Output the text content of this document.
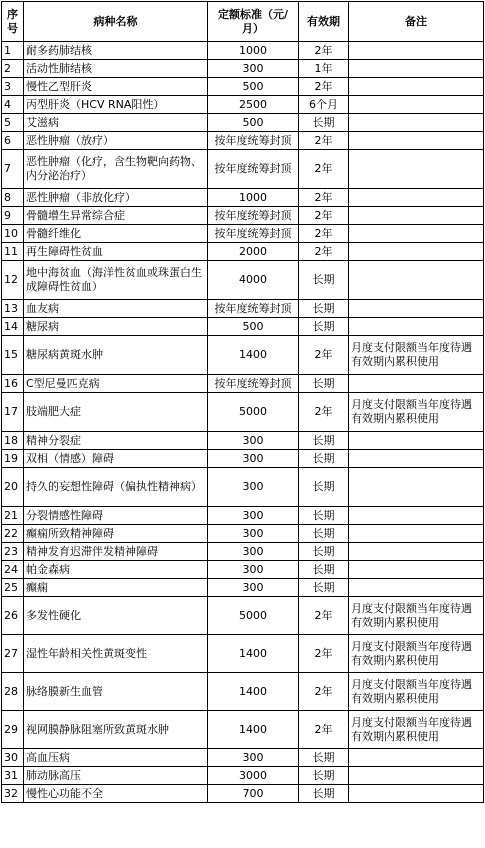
序号	病种名称	定额标准（元/月）	有效期	备注
1	耐多药肺结核	1000	2年	
2	活动性肺结核	300	1年	
3	慢性乙型肝炎	500	2年	
4	丙型肝炎（HCV RNA阳性）	2500	6个月	
5	艾滋病	500	长期	
6	恶性肿瘤（放疗）	按年度统筹封顶	2年	
7	恶性肿瘤（化疗，含生物靶向药物、内分泌治疗）	按年度统筹封顶	2年	
8	恶性肿瘤（非放化疗）	1000	2年	
9	骨髓增生异常综合症	按年度统筹封顶	2年	
10	骨髓纤维化	按年度统筹封顶	2年	
11	再生障碍性贫血	2000	2年	
12	地中海贫血（海洋性贫血或珠蛋白生成障碍性贫血）	4000	长期	
13	血友病	按年度统筹封顶	长期	
14	糖尿病	500	长期	
15	糖尿病黄斑水肿	1400	2年	月度支付限额当年度待遇有效期内累积使用
16	C型尼曼匹克病	按年度统筹封顶	长期	
17	肢端肥大症	5000	2年	月度支付限额当年度待遇有效期内累积使用
18	精神分裂症	300	长期	
19	双相（情感）障碍	300	长期	
20	持久的妄想性障碍（偏执性精神病）	300	长期	
21	分裂情感性障碍	300	长期	
22	癫痫所致精神障碍	300	长期	
23	精神发育迟滞伴发精神障碍	300	长期	
24	帕金森病	300	长期	
25	癫痫	300	长期	
26	多发性硬化	5000	2年	月度支付限额当年度待遇有效期内累积使用
27	湿性年龄相关性黄斑变性	1400	2年	月度支付限额当年度待遇有效期内累积使用
28	脉络膜新生血管	1400	2年	月度支付限额当年度待遇有效期内累积使用
29	视网膜静脉阻塞所致黄斑水肿	1400	2年	月度支付限额当年度待遇有效期内累积使用
30	高血压病	300	长期	
31	肺动脉高压	3000	长期	
32	慢性心功能不全	700	长期	
